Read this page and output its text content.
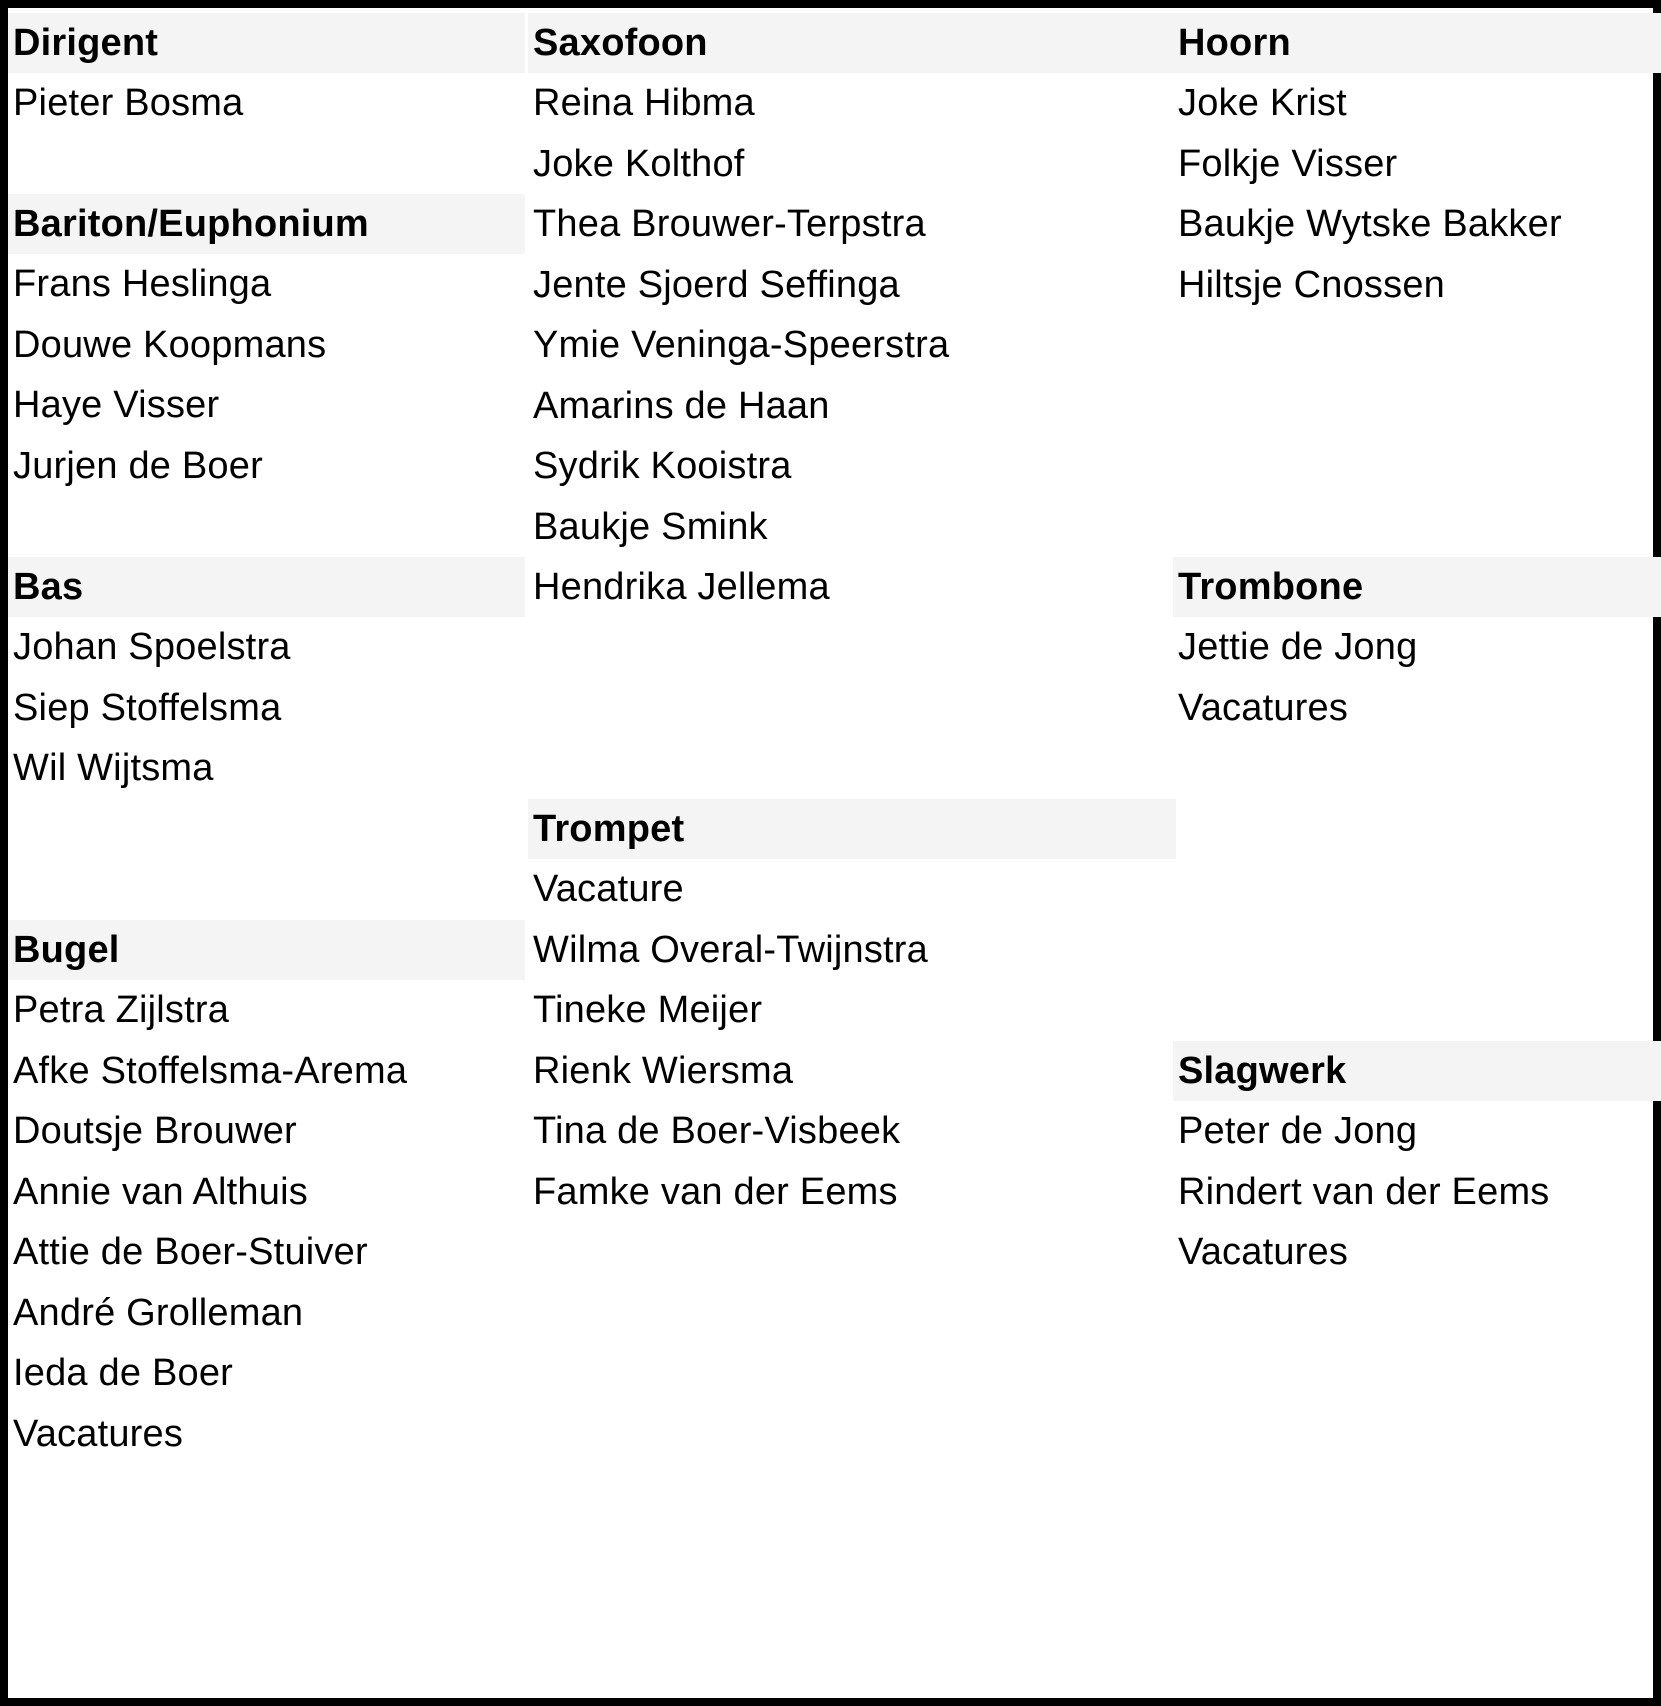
Dirigent
Pieter Bosma
Bariton/Euphonium
Frans Heslinga
Douwe Koopmans
Haye Visser
Jurjen de Boer
Bas
Johan Spoelstra
Siep Stoffelsma
Wil Wijtsma
Bugel
Petra Zijlstra
Afke Stoffelsma-Arema
Doutsje Brouwer
Annie van Althuis
Attie de Boer-Stuiver
André Grolleman
Ieda de Boer
Vacatures
Saxofoon
Reina Hibma
Joke Kolthof
Thea Brouwer-Terpstra
Jente Sjoerd Seffinga
Ymie Veninga-Speerstra
Amarins de Haan
Sydrik Kooistra
Baukje Smink
Hendrika Jellema
Trompet
Vacature
Wilma Overal-Twijnstra
Tineke Meijer
Rienk Wiersma
Tina de Boer-Visbeek
Famke van der Eems
Hoorn
Joke Krist
Folkje Visser
Baukje Wytske Bakker
Hiltsje Cnossen
Trombone
Jettie de Jong
Vacatures
Slagwerk
Peter de Jong
Rindert van der Eems
Vacatures
